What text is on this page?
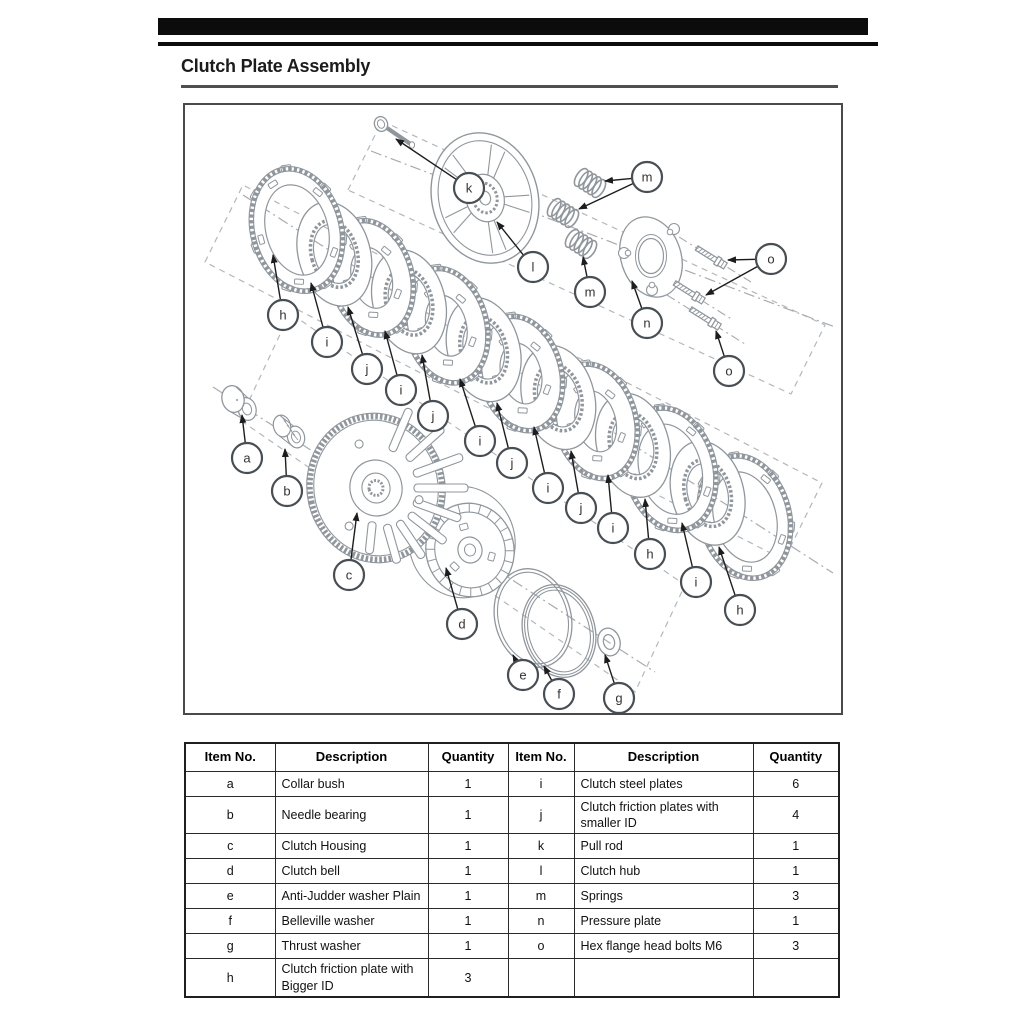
Clutch Plate Assembly
a
b
c
d
e
f	g
h
i
j
i
j
i
j
i
j
i
h
i
h
k
l
m
m
n
o
o
Item No.	Description	Quantity	Item No.	Description	Quantity
a	Collar bush	1	i	Clutch steel plates	6
b	Needle bearing	1	j	Clutch friction plates with smaller ID	4
c	Clutch Housing	1	k	Pull rod	1
d	Clutch bell	1	l	Clutch hub	1
e	Anti-Judder washer Plain	1	m	Springs	3
f	Belleville washer	1	n	Pressure plate	1
g	Thrust washer	1	o	Hex flange head bolts M6	3
h	Clutch friction plate with Bigger ID	3			
